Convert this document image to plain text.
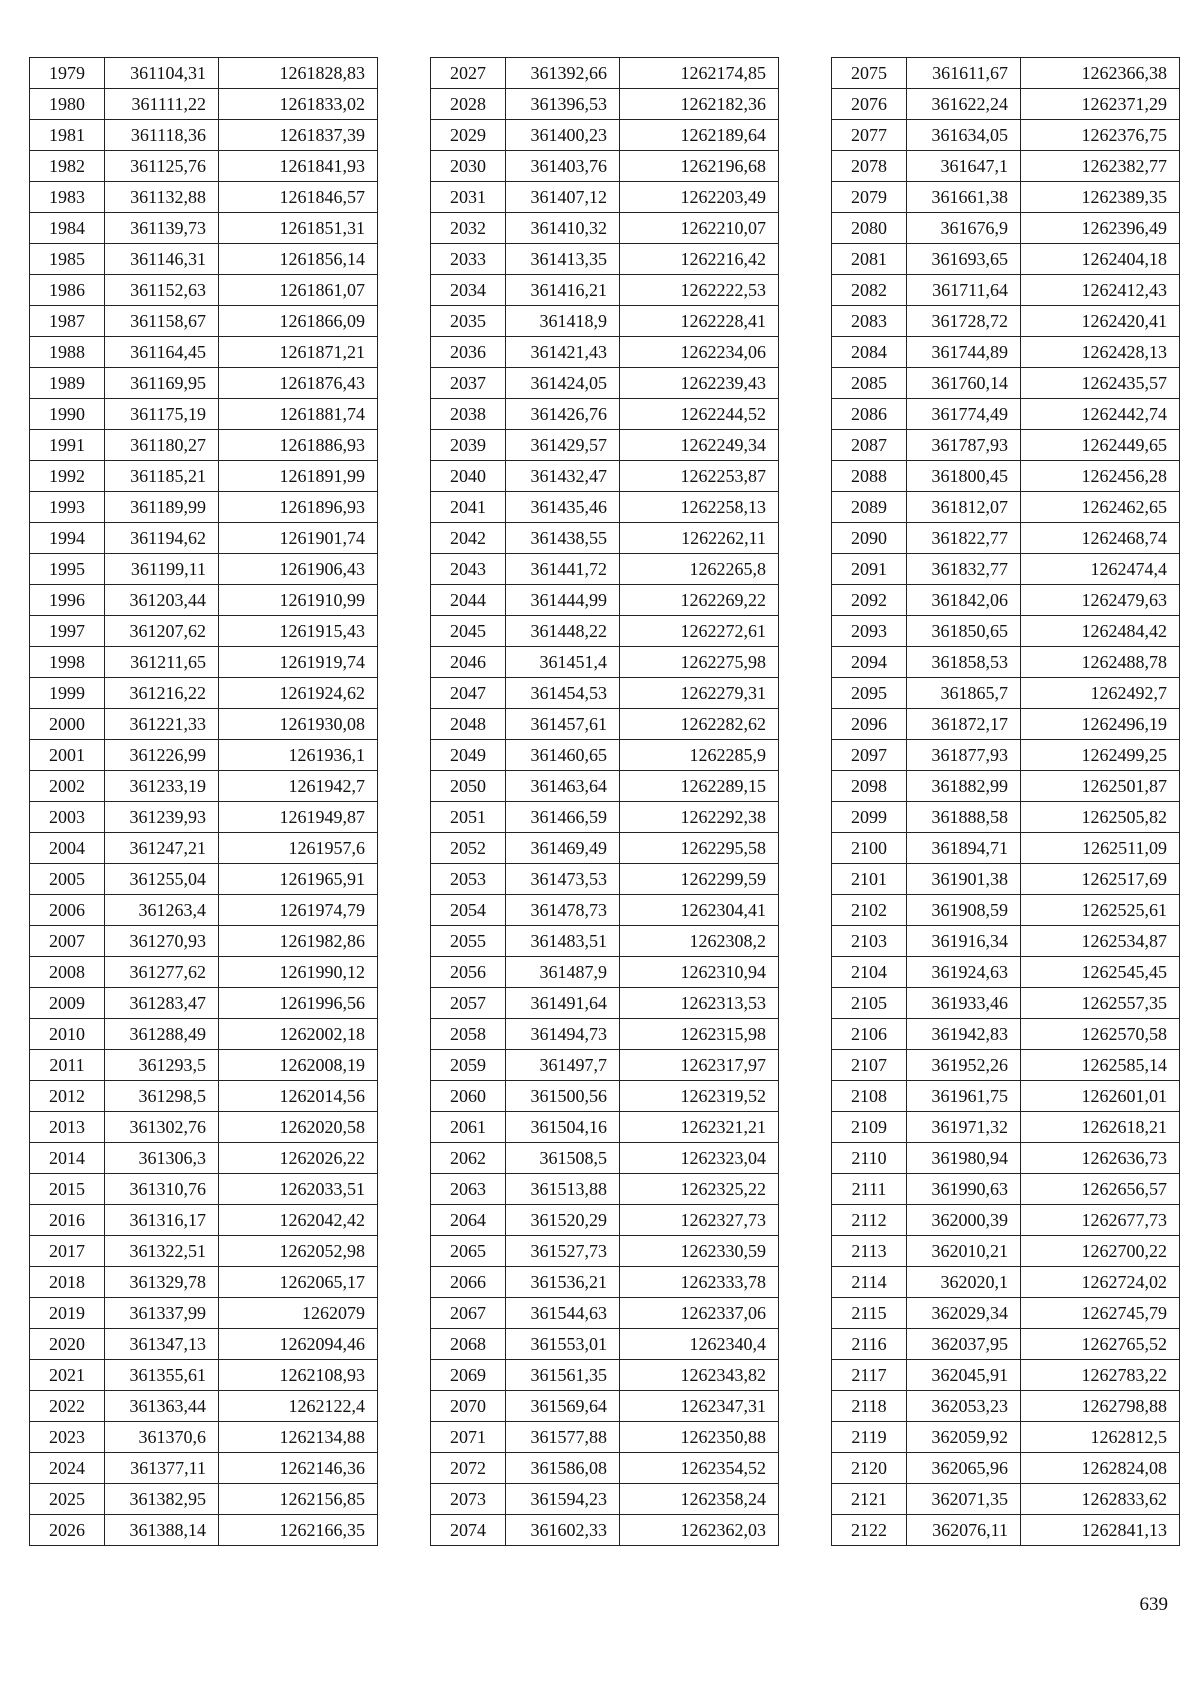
1979	361104,31	1261828,83
1980	361111,22	1261833,02
1981	361118,36	1261837,39
1982	361125,76	1261841,93
1983	361132,88	1261846,57
1984	361139,73	1261851,31
1985	361146,31	1261856,14
1986	361152,63	1261861,07
1987	361158,67	1261866,09
1988	361164,45	1261871,21
1989	361169,95	1261876,43
1990	361175,19	1261881,74
1991	361180,27	1261886,93
1992	361185,21	1261891,99
1993	361189,99	1261896,93
1994	361194,62	1261901,74
1995	361199,11	1261906,43
1996	361203,44	1261910,99
1997	361207,62	1261915,43
1998	361211,65	1261919,74
1999	361216,22	1261924,62
2000	361221,33	1261930,08
2001	361226,99	1261936,1
2002	361233,19	1261942,7
2003	361239,93	1261949,87
2004	361247,21	1261957,6
2005	361255,04	1261965,91
2006	361263,4	1261974,79
2007	361270,93	1261982,86
2008	361277,62	1261990,12
2009	361283,47	1261996,56
2010	361288,49	1262002,18
2011	361293,5	1262008,19
2012	361298,5	1262014,56
2013	361302,76	1262020,58
2014	361306,3	1262026,22
2015	361310,76	1262033,51
2016	361316,17	1262042,42
2017	361322,51	1262052,98
2018	361329,78	1262065,17
2019	361337,99	1262079
2020	361347,13	1262094,46
2021	361355,61	1262108,93
2022	361363,44	1262122,4
2023	361370,6	1262134,88
2024	361377,11	1262146,36
2025	361382,95	1262156,85
2026	361388,14	1262166,35
2027	361392,66	1262174,85
2028	361396,53	1262182,36
2029	361400,23	1262189,64
2030	361403,76	1262196,68
2031	361407,12	1262203,49
2032	361410,32	1262210,07
2033	361413,35	1262216,42
2034	361416,21	1262222,53
2035	361418,9	1262228,41
2036	361421,43	1262234,06
2037	361424,05	1262239,43
2038	361426,76	1262244,52
2039	361429,57	1262249,34
2040	361432,47	1262253,87
2041	361435,46	1262258,13
2042	361438,55	1262262,11
2043	361441,72	1262265,8
2044	361444,99	1262269,22
2045	361448,22	1262272,61
2046	361451,4	1262275,98
2047	361454,53	1262279,31
2048	361457,61	1262282,62
2049	361460,65	1262285,9
2050	361463,64	1262289,15
2051	361466,59	1262292,38
2052	361469,49	1262295,58
2053	361473,53	1262299,59
2054	361478,73	1262304,41
2055	361483,51	1262308,2
2056	361487,9	1262310,94
2057	361491,64	1262313,53
2058	361494,73	1262315,98
2059	361497,7	1262317,97
2060	361500,56	1262319,52
2061	361504,16	1262321,21
2062	361508,5	1262323,04
2063	361513,88	1262325,22
2064	361520,29	1262327,73
2065	361527,73	1262330,59
2066	361536,21	1262333,78
2067	361544,63	1262337,06
2068	361553,01	1262340,4
2069	361561,35	1262343,82
2070	361569,64	1262347,31
2071	361577,88	1262350,88
2072	361586,08	1262354,52
2073	361594,23	1262358,24
2074	361602,33	1262362,03
2075	361611,67	1262366,38
2076	361622,24	1262371,29
2077	361634,05	1262376,75
2078	361647,1	1262382,77
2079	361661,38	1262389,35
2080	361676,9	1262396,49
2081	361693,65	1262404,18
2082	361711,64	1262412,43
2083	361728,72	1262420,41
2084	361744,89	1262428,13
2085	361760,14	1262435,57
2086	361774,49	1262442,74
2087	361787,93	1262449,65
2088	361800,45	1262456,28
2089	361812,07	1262462,65
2090	361822,77	1262468,74
2091	361832,77	1262474,4
2092	361842,06	1262479,63
2093	361850,65	1262484,42
2094	361858,53	1262488,78
2095	361865,7	1262492,7
2096	361872,17	1262496,19
2097	361877,93	1262499,25
2098	361882,99	1262501,87
2099	361888,58	1262505,82
2100	361894,71	1262511,09
2101	361901,38	1262517,69
2102	361908,59	1262525,61
2103	361916,34	1262534,87
2104	361924,63	1262545,45
2105	361933,46	1262557,35
2106	361942,83	1262570,58
2107	361952,26	1262585,14
2108	361961,75	1262601,01
2109	361971,32	1262618,21
2110	361980,94	1262636,73
2111	361990,63	1262656,57
2112	362000,39	1262677,73
2113	362010,21	1262700,22
2114	362020,1	1262724,02
2115	362029,34	1262745,79
2116	362037,95	1262765,52
2117	362045,91	1262783,22
2118	362053,23	1262798,88
2119	362059,92	1262812,5
2120	362065,96	1262824,08
2121	362071,35	1262833,62
2122	362076,11	1262841,13
639
